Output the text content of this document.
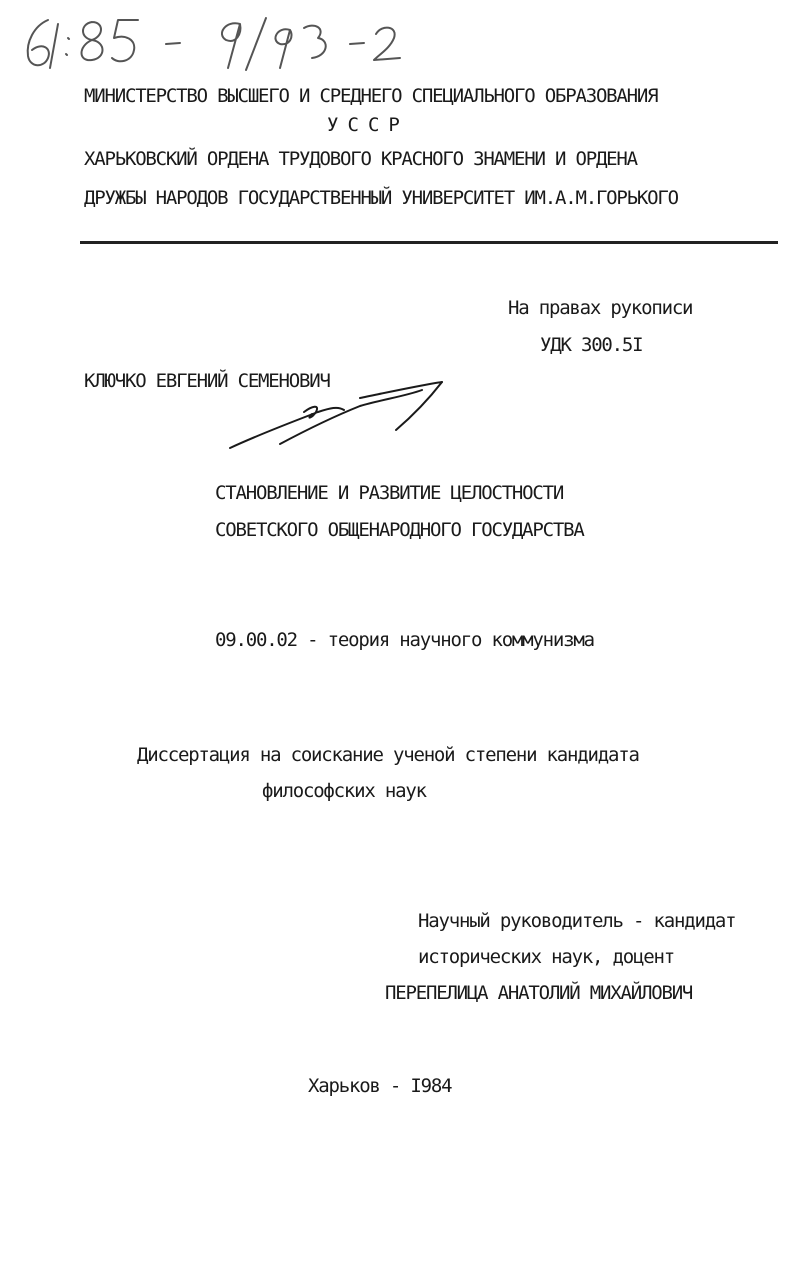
МИНИСТЕРСТВО ВЫСШЕГО И СРЕДНЕГО СПЕЦИАЛЬНОГО ОБРАЗОВАНИЯ
У С С Р
ХАРЬКОВСКИЙ ОРДЕНА ТРУДОВОГО КРАСНОГО ЗНАМЕНИ И ОРДЕНА
ДРУЖБЫ НАРОДОВ ГОСУДАРСТВЕННЫЙ УНИВЕРСИТЕТ ИМ.А.М.ГОРЬКОГО
На правах рукописи
УДК 300.5I
КЛЮЧКО ЕВГЕНИЙ СЕМЕНОВИЧ
СТАНОВЛЕНИЕ И РАЗВИТИЕ ЦЕЛОСТНОСТИ
СОВЕТСКОГО ОБЩЕНАРОДНОГО ГОСУДАРСТВА
09.00.02 - теория научного коммунизма
Диссертация на соискание ученой степени кандидата
философских наук
Научный руководитель - кандидат
исторических наук, доцент
ПЕРЕПЕЛИЦА АНАТОЛИЙ МИХАЙЛОВИЧ
Харьков - I984
